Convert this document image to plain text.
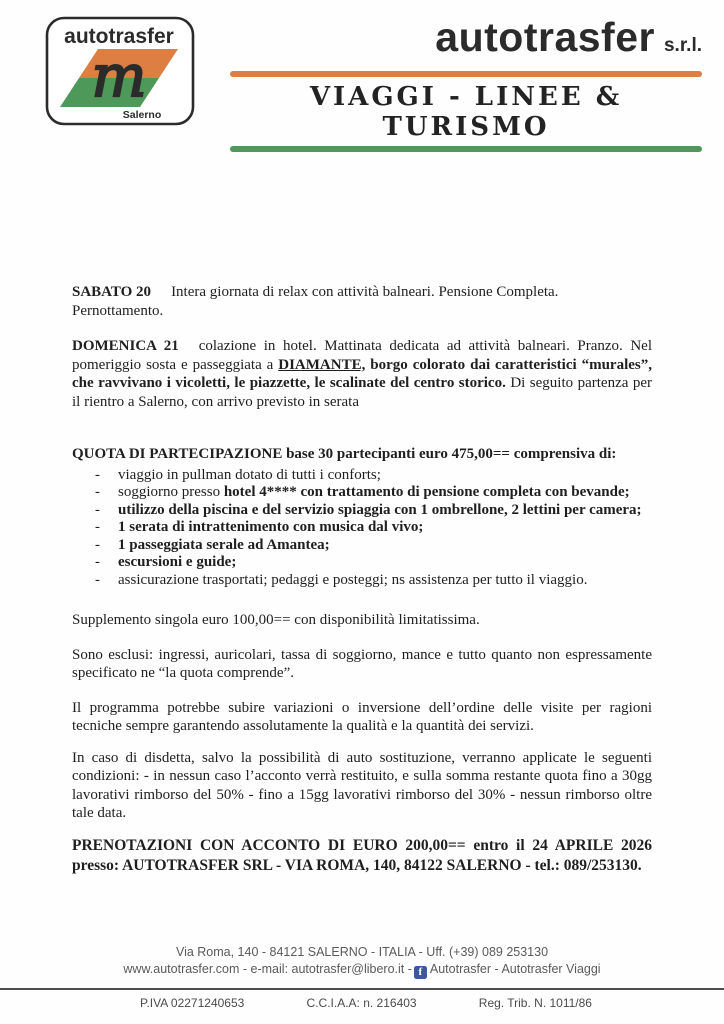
autotrasfer
m
Salerno
autotrasfer s.r.l.
VIAGGI - LINEE & TURISMO

SABATO 20 Intera giornata di relax con attività balneari. Pensione Completa. Pernottamento.

DOMENICA 21 colazione in hotel. Mattinata dedicata ad attività balneari. Pranzo. Nel pomeriggio sosta e passeggiata a DIAMANTE, borgo colorato dai caratteristici “murales”, che ravvivano i vicoletti, le piazzette, le scalinate del centro storico. Di seguito partenza per il rientro a Salerno, con arrivo previsto in serata

QUOTA DI PARTECIPAZIONE base 30 partecipanti euro 475,00== comprensiva di:

- viaggio in pullman dotato di tutti i conforts;
- soggiorno presso hotel 4**** con trattamento di pensione completa con bevande;
- utilizzo della piscina e del servizio spiaggia con 1 ombrellone, 2 lettini per camera;
- 1 serata di intrattenimento con musica dal vivo;
- 1 passeggiata serale ad Amantea;
- escursioni e guide;
- assicurazione trasportati; pedaggi e posteggi; ns assistenza per tutto il viaggio.

Supplemento singola euro 100,00== con disponibilità limitatissima.

Sono esclusi: ingressi, auricolari, tassa di soggiorno, mance e tutto quanto non espressamente specificato ne “la quota comprende”.

Il programma potrebbe subire variazioni o inversione dell’ordine delle visite per ragioni tecniche sempre garantendo assolutamente la qualità e la quantità dei servizi.

In caso di disdetta, salvo la possibilità di auto sostituzione, verranno applicate le seguenti condizioni: - in nessun caso l’acconto verrà restituito, e sulla somma restante quota fino a 30gg lavorativi rimborso del 50% - fino a 15gg lavorativi rimborso del 30% - nessun rimborso oltre tale data.

PRENOTAZIONI CON ACCONTO DI EURO 200,00== entro il 24 APRILE 2026 presso: AUTOTRASFER SRL - VIA ROMA, 140, 84122 SALERNO - tel.: 089/253130.

Via Roma, 140 - 84121 SALERNO - ITALIA - Uff. (+39) 089 253130
www.autotrasfer.com - e-mail: autotrasfer@libero.it - f Autotrasfer - Autotrasfer Viaggi
P.IVA 02271240653	C.C.I.A.A: n. 216403	Reg. Trib. N. 1011/86
